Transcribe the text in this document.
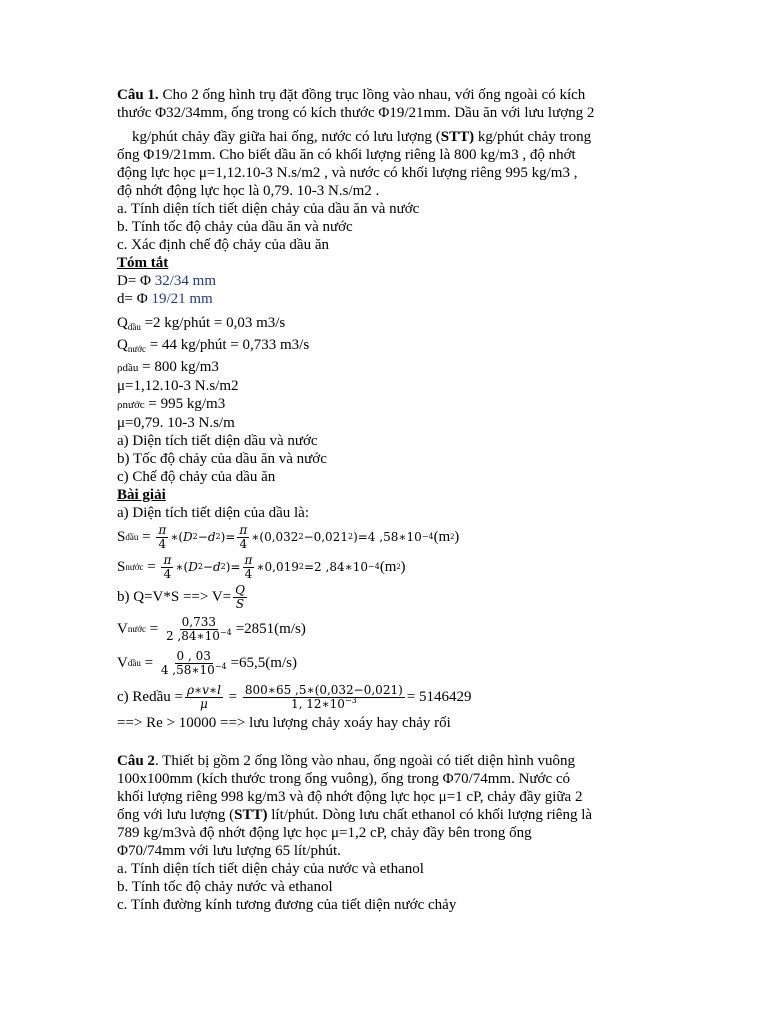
Câu 1. Cho 2 ống hình trụ đặt đồng trục lồng vào nhau, với ống ngoài có kích
thước Φ32/34mm, ống trong có kích thước Φ19/21mm. Dầu ăn với lưu lượng 2
kg/phút chảy đầy giữa hai ống, nước có lưu lượng (STT) kg/phút chảy trong
ống Φ19/21mm. Cho biết dầu ăn có khối lượng riêng là 800 kg/m3 , độ nhớt
động lực học μ=1,12.10-3 N.s/m2 , và nước có khối lượng riêng 995 kg/m3 ,
độ nhớt động lực học là 0,79. 10-3 N.s/m2 .
a. Tính diện tích tiết diện chảy của dầu ăn và nước
b. Tính tốc độ chảy của dầu ăn và nước
c. Xác định chế độ chảy của dầu ăn
Tóm tắt
D= Φ 32/34 mm
d= Φ 19/21 mm
$Q_{dầu} =2$ kg/phút = 0,03 m3/s
$Q_{nước} = 44$ kg/phút = 0,733 m3/s
ρdầu = 800 kg/m3
μ=1,12.10-3 N.s/m2
ρnước = 995 kg/m3
μ=0,79. 10-3 N.s/m
a) Diện tích tiết diện dầu và nước
b) Tốc độ chảy của dầu ăn và nước
c) Chế độ chảy của dầu ăn
Bài giải
a) Diện tích tiết diện của dầu là:
S dầu = $\frac{\pi}{4}$ ∗( D 2 − d 2 )= $\frac{\pi}{4}$ ∗ (0,032 2 −0,021 2 )=4 ,58∗10 −4 (m 2 )
S nước = $\frac{\pi}{4}$ ∗( D 2 − d 2 )= $\frac{\pi}{4}$ ∗0,019 2 =2 ,84∗10 −4 (m 2 )
b) Q=V*S ==> $V= \frac{Q}{S}$
V nước = $\frac{0,733}{2 ,84∗10^{-4}} =2851(m/s)$
V dầu = $\frac{0 , 03}{4 ,58∗10^{-4}} =65,5(m/s)$
c) Redầu = $\frac{\rho∗v∗l}{\mu} = \frac{800∗65 ,5∗(0,032-0,021)}{1, 12∗10^{-3}} = 5146429$
==> Re > 10000 ==> lưu lượng chảy xoáy hay chảy rối
Câu 2. Thiết bị gồm 2 ống lồng vào nhau, ống ngoài có tiết diện hình vuông
100x100mm (kích thước trong ống vuông), ống trong Φ70/74mm. Nước có
khối lượng riêng 998 kg/m3 và độ nhớt động lực học μ=1 cP, chảy đầy giữa 2
ống với lưu lượng (STT) lít/phút. Dòng lưu chất ethanol có khối lượng riêng là
789 kg/m3và độ nhớt động lực học μ=1,2 cP, chảy đầy bên trong ống
Φ70/74mm với lưu lượng 65 lít/phút.
a. Tính diện tích tiết diện chảy của nước và ethanol
b. Tính tốc độ chảy nước và ethanol
c. Tính đường kính tương đương của tiết diện nước chảy
